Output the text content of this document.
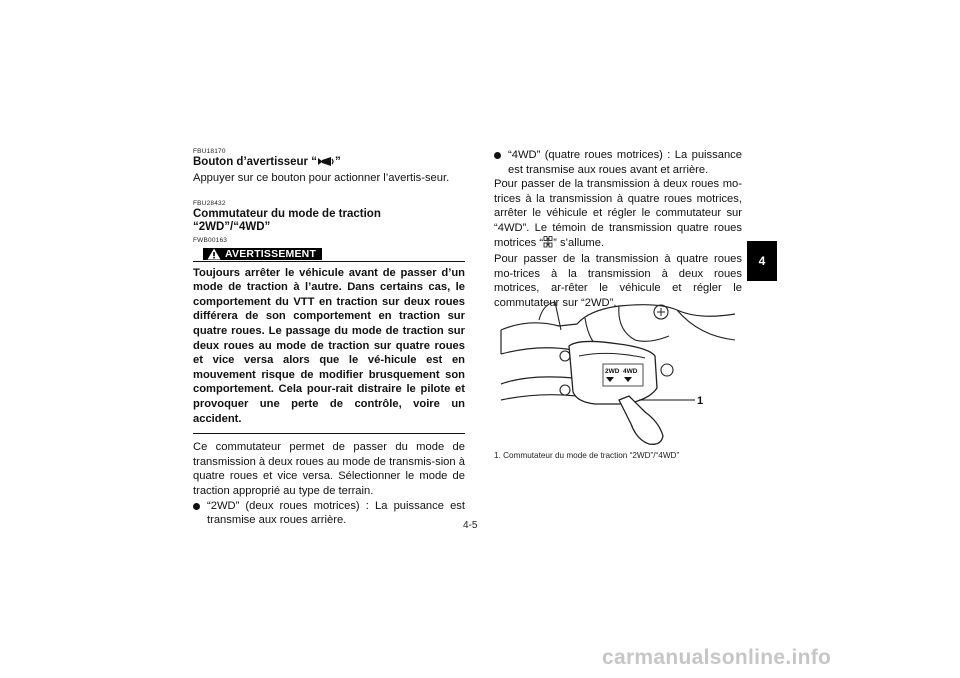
FBU18170
Bouton d’avertisseur “ ”

Appuyer sur ce bouton pour actionner l’avertis-seur.

FBU28432
Commutateur du mode de traction
“2WD”/“4WD”
FWB00163
AVERTISSEMENT

Toujours arrêter le véhicule avant de passer d’un mode de traction à l’autre. Dans certains cas, le comportement du VTT en traction sur deux roues différera de son comportement en traction sur quatre roues. Le passage du mode de traction sur deux roues au mode de traction sur quatre roues et vice versa alors que le vé-hicule est en mouvement risque de modifier brusquement son comportement. Cela pour-rait distraire le pilote et provoquer une perte de contrôle, voire un accident.

Ce commutateur permet de passer du mode de transmission à deux roues au mode de transmis-sion à quatre roues et vice versa. Sélectionner le mode de traction approprié au type de terrain.

“2WD” (deux roues motrices) : La puissance est transmise aux roues arrière.
“4WD” (quatre roues motrices) : La puissance est transmise aux roues avant et arrière.

Pour passer de la transmission à deux roues mo-trices à la transmission à quatre roues motrices, arrêter le véhicule et régler le commutateur sur “4WD”. Le témoin de transmission quatre roues motrices “ ” s’allume.

Pour passer de la transmission à quatre roues mo-trices à la transmission à deux roues motrices, ar-rêter le véhicule et régler le commutateur sur “2WD”.

2WD 4WD
1
1. Commutateur du mode de traction “2WD”/“4WD”
4-5
4
carmanualsonline.info
